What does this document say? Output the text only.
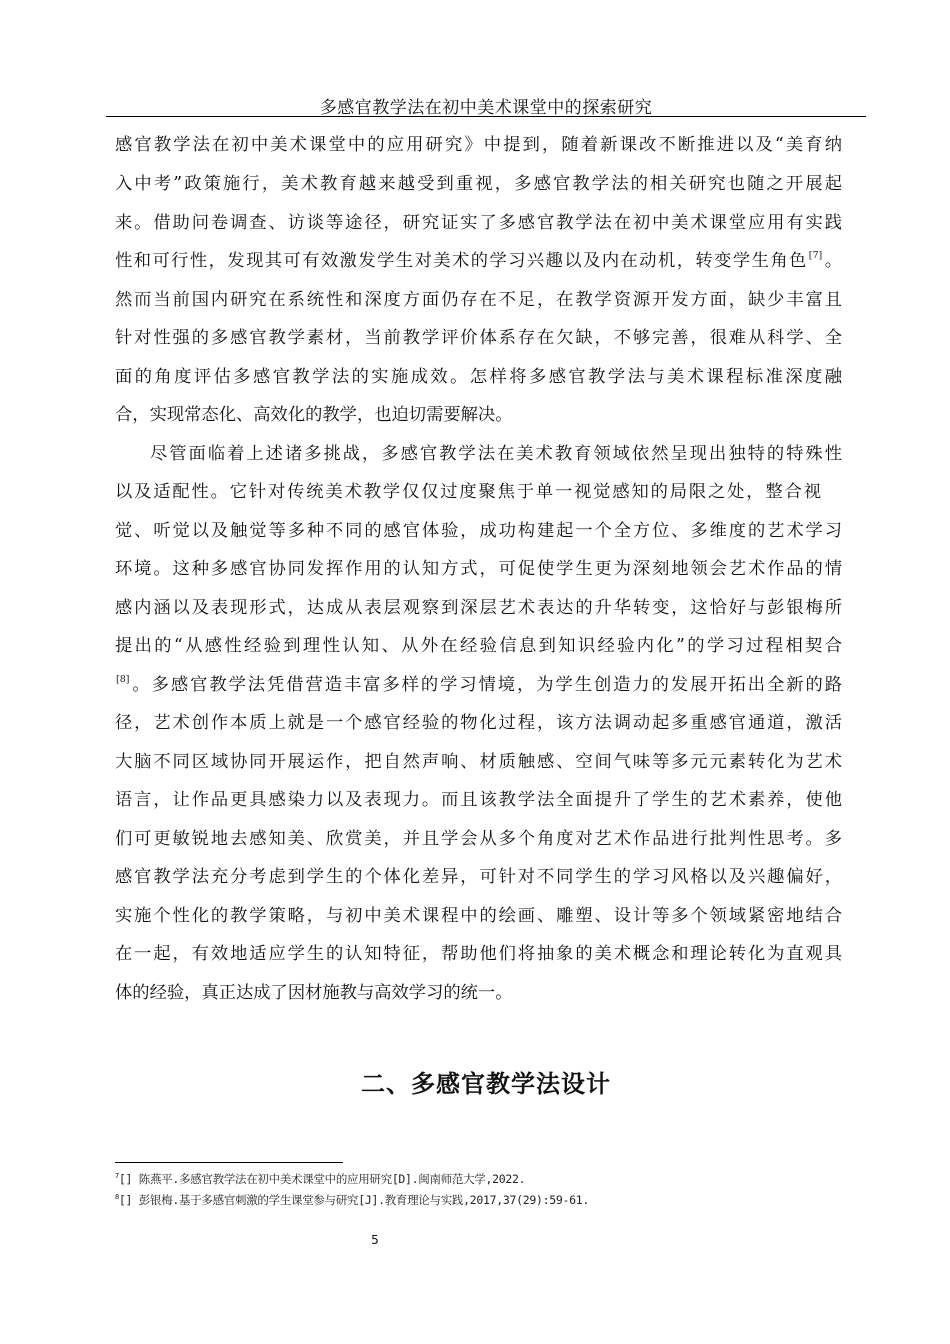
多感官教学法在初中美术课堂中的探索研究
感官教学法在初中美术课堂中的应用研究》中提到，随着新课改不断推进以及“美育纳
入中考”政策施行，美术教育越来越受到重视，多感官教学法的相关研究也随之开展起
来。借助问卷调查、访谈等途径，研究证实了多感官教学法在初中美术课堂应用有实践
性和可行性，发现其可有效激发学生对美术的学习兴趣以及内在动机，转变学生角色[7]。
然而当前国内研究在系统性和深度方面仍存在不足，在教学资源开发方面，缺少丰富且
针对性强的多感官教学素材，当前教学评价体系存在欠缺，不够完善，很难从科学、全
面的角度评估多感官教学法的实施成效。怎样将多感官教学法与美术课程标准深度融
合，实现常态化、高效化的教学，也迫切需要解决。
尽管面临着上述诸多挑战，多感官教学法在美术教育领域依然呈现出独特的特殊性
以及适配性。它针对传统美术教学仅仅过度聚焦于单一视觉感知的局限之处，整合视
觉、听觉以及触觉等多种不同的感官体验，成功构建起一个全方位、多维度的艺术学习
环境。这种多感官协同发挥作用的认知方式，可促使学生更为深刻地领会艺术作品的情
感内涵以及表现形式，达成从表层观察到深层艺术表达的升华转变，这恰好与彭银梅所
提出的“从感性经验到理性认知、从外在经验信息到知识经验内化”的学习过程相契合
[8]。多感官教学法凭借营造丰富多样的学习情境，为学生创造力的发展开拓出全新的路
径，艺术创作本质上就是一个感官经验的物化过程，该方法调动起多重感官通道，激活
大脑不同区域协同开展运作，把自然声响、材质触感、空间气味等多元元素转化为艺术
语言，让作品更具感染力以及表现力。而且该教学法全面提升了学生的艺术素养，使他
们可更敏锐地去感知美、欣赏美，并且学会从多个角度对艺术作品进行批判性思考。多
感官教学法充分考虑到学生的个体化差异，可针对不同学生的学习风格以及兴趣偏好，
实施个性化的教学策略，与初中美术课程中的绘画、雕塑、设计等多个领域紧密地结合
在一起，有效地适应学生的认知特征，帮助他们将抽象的美术概念和理论转化为直观具
体的经验，真正达成了因材施教与高效学习的统一。
二、多感官教学法设计
$^7$[] 陈燕平.多感官教学法在初中美术课堂中的应用研究[D].闽南师范大学,2022.
$^8$[] 彭银梅.基于多感官刺激的学生课堂参与研究[J].教育理论与实践,2017,37(29):59-61.
5
